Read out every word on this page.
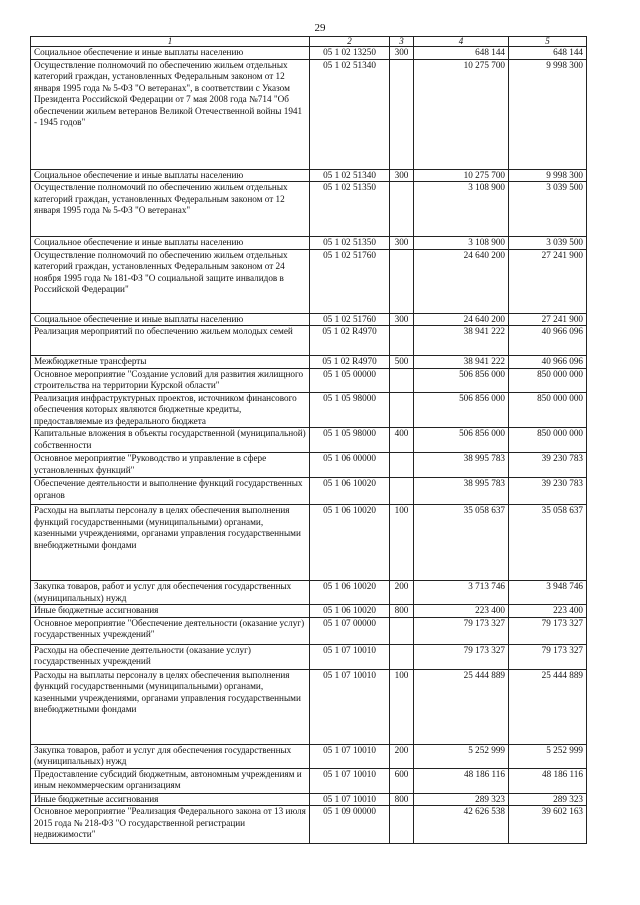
29
1	2	3	4	5
Социальное обеспечение и иные выплаты населению	05 1 02 13250	300	648 144	648 144
Осуществление полномочий по обеспечению жильем отдельных категорий граждан, установленных Федеральным законом от 12 января 1995 года № 5-ФЗ "О ветеранах", в соответствии с Указом Президента Российской Федерации от 7 мая 2008 года №714 "Об обеспечении жильем ветеранов Великой Отечественной войны 1941 - 1945 годов"	05 1 02 51340		10 275 700	9 998 300
Социальное обеспечение и иные выплаты населению	05 1 02 51340	300	10 275 700	9 998 300
Осуществление полномочий по обеспечению жильем отдельных категорий граждан, установленных Федеральным законом от 12 января 1995 года № 5-ФЗ "О ветеранах"	05 1 02 51350		3 108 900	3 039 500
Социальное обеспечение и иные выплаты населению	05 1 02 51350	300	3 108 900	3 039 500
Осуществление полномочий по обеспечению жильем отдельных категорий граждан, установленных Федеральным законом от 24 ноября 1995 года № 181-ФЗ "О социальной защите инвалидов в Российской Федерации"	05 1 02 51760		24 640 200	27 241 900
Социальное обеспечение и иные выплаты населению	05 1 02 51760	300	24 640 200	27 241 900
Реализация мероприятий по обеспечению жильем молодых семей	05 1 02 R4970		38 941 222	40 966 096
Межбюджетные трансферты	05 1 02 R4970	500	38 941 222	40 966 096
Основное мероприятие "Создание условий для развития жилищного строительства на территории Курской области"	05 1 05 00000		506 856 000	850 000 000
Реализация инфраструктурных проектов, источником финансового обеспечения которых являются бюджетные кредиты, предоставляемые из федерального бюджета	05 1 05 98000		506 856 000	850 000 000
Капитальные вложения в объекты государственной (муниципальной) собственности	05 1 05 98000	400	506 856 000	850 000 000
Основное мероприятие "Руководство и управление в сфере установленных функций"	05 1 06 00000		38 995 783	39 230 783
Обеспечение деятельности и выполнение функций государственных органов	05 1 06 10020		38 995 783	39 230 783
Расходы на выплаты персоналу в целях обеспечения выполнения функций государственными (муниципальными) органами, казенными учреждениями, органами управления государственными внебюджетными фондами	05 1 06 10020	100	35 058 637	35 058 637
Закупка товаров, работ и услуг для обеспечения государственных (муниципальных) нужд	05 1 06 10020	200	3 713 746	3 948 746
Иные бюджетные ассигнования	05 1 06 10020	800	223 400	223 400
Основное мероприятие "Обеспечение деятельности (оказание услуг) государственных учреждений"	05 1 07 00000		79 173 327	79 173 327
Расходы на обеспечение деятельности (оказание услуг) государственных учреждений	05 1 07 10010		79 173 327	79 173 327
Расходы на выплаты персоналу в целях обеспечения выполнения функций государственными (муниципальными) органами, казенными учреждениями, органами управления государственными внебюджетными фондами	05 1 07 10010	100	25 444 889	25 444 889
Закупка товаров, работ и услуг для обеспечения государственных (муниципальных) нужд	05 1 07 10010	200	5 252 999	5 252 999
Предоставление субсидий бюджетным, автономным учреждениям и иным некоммерческим организациям	05 1 07 10010	600	48 186 116	48 186 116
Иные бюджетные ассигнования	05 1 07 10010	800	289 323	289 323
Основное мероприятие "Реализация Федерального закона от 13 июля 2015 года № 218-ФЗ "О государственной регистрации недвижимости"	05 1 09 00000		42 626 538	39 602 163
